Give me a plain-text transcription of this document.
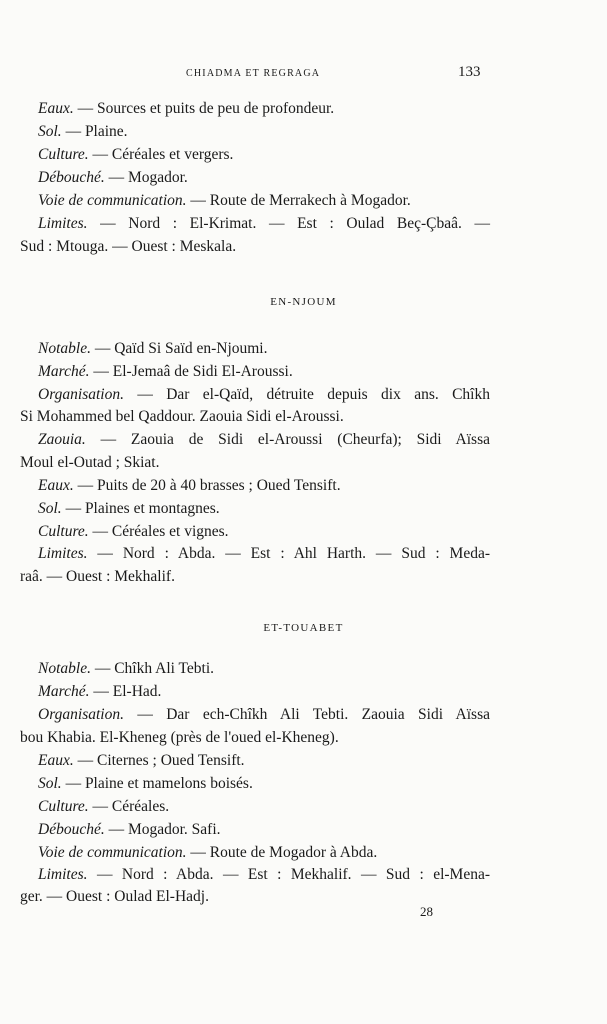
CHIADMA ET REGRAGA	133
Eaux. — Sources et puits de peu de profondeur.
Sol. — Plaine.
Culture. — Céréales et vergers.
Débouché. — Mogador.
Voie de communication. — Route de Merrakech à Mogador.
Limites. — Nord : El-Krimat. — Est : Oulad Beç-Çbaâ. —
Sud : Mtouga. — Ouest : Meskala.
EN-NJOUM
Notable. — Qaïd Si Saïd en-Njoumi.
Marché. — El-Jemaâ de Sidi El-Aroussi.
Organisation. — Dar el-Qaïd, détruite depuis dix ans. Chîkh
Si Mohammed bel Qaddour. Zaouia Sidi el-Aroussi.
Zaouia. — Zaouia de Sidi el-Aroussi (Cheurfa); Sidi Aïssa
Moul el-Outad ; Skiat.
Eaux. — Puits de 20 à 40 brasses ; Oued Tensift.
Sol. — Plaines et montagnes.
Culture. — Céréales et vignes.
Limites. — Nord : Abda. — Est : Ahl Harth. — Sud : Meda-
raâ. — Ouest : Mekhalif.
ET-TOUABET
Notable. — Chîkh Ali Tebti.
Marché. — El-Had.
Organisation. — Dar ech-Chîkh Ali Tebti. Zaouia Sidi Aïssa
bou Khabia. El-Kheneg (près de l'oued el-Kheneg).
Eaux. — Citernes ; Oued Tensift.
Sol. — Plaine et mamelons boisés.
Culture. — Céréales.
Débouché. — Mogador. Safi.
Voie de communication. — Route de Mogador à Abda.
Limites. — Nord : Abda. — Est : Mekhalif. — Sud : el-Mena-
ger. — Ouest : Oulad El-Hadj.
28
